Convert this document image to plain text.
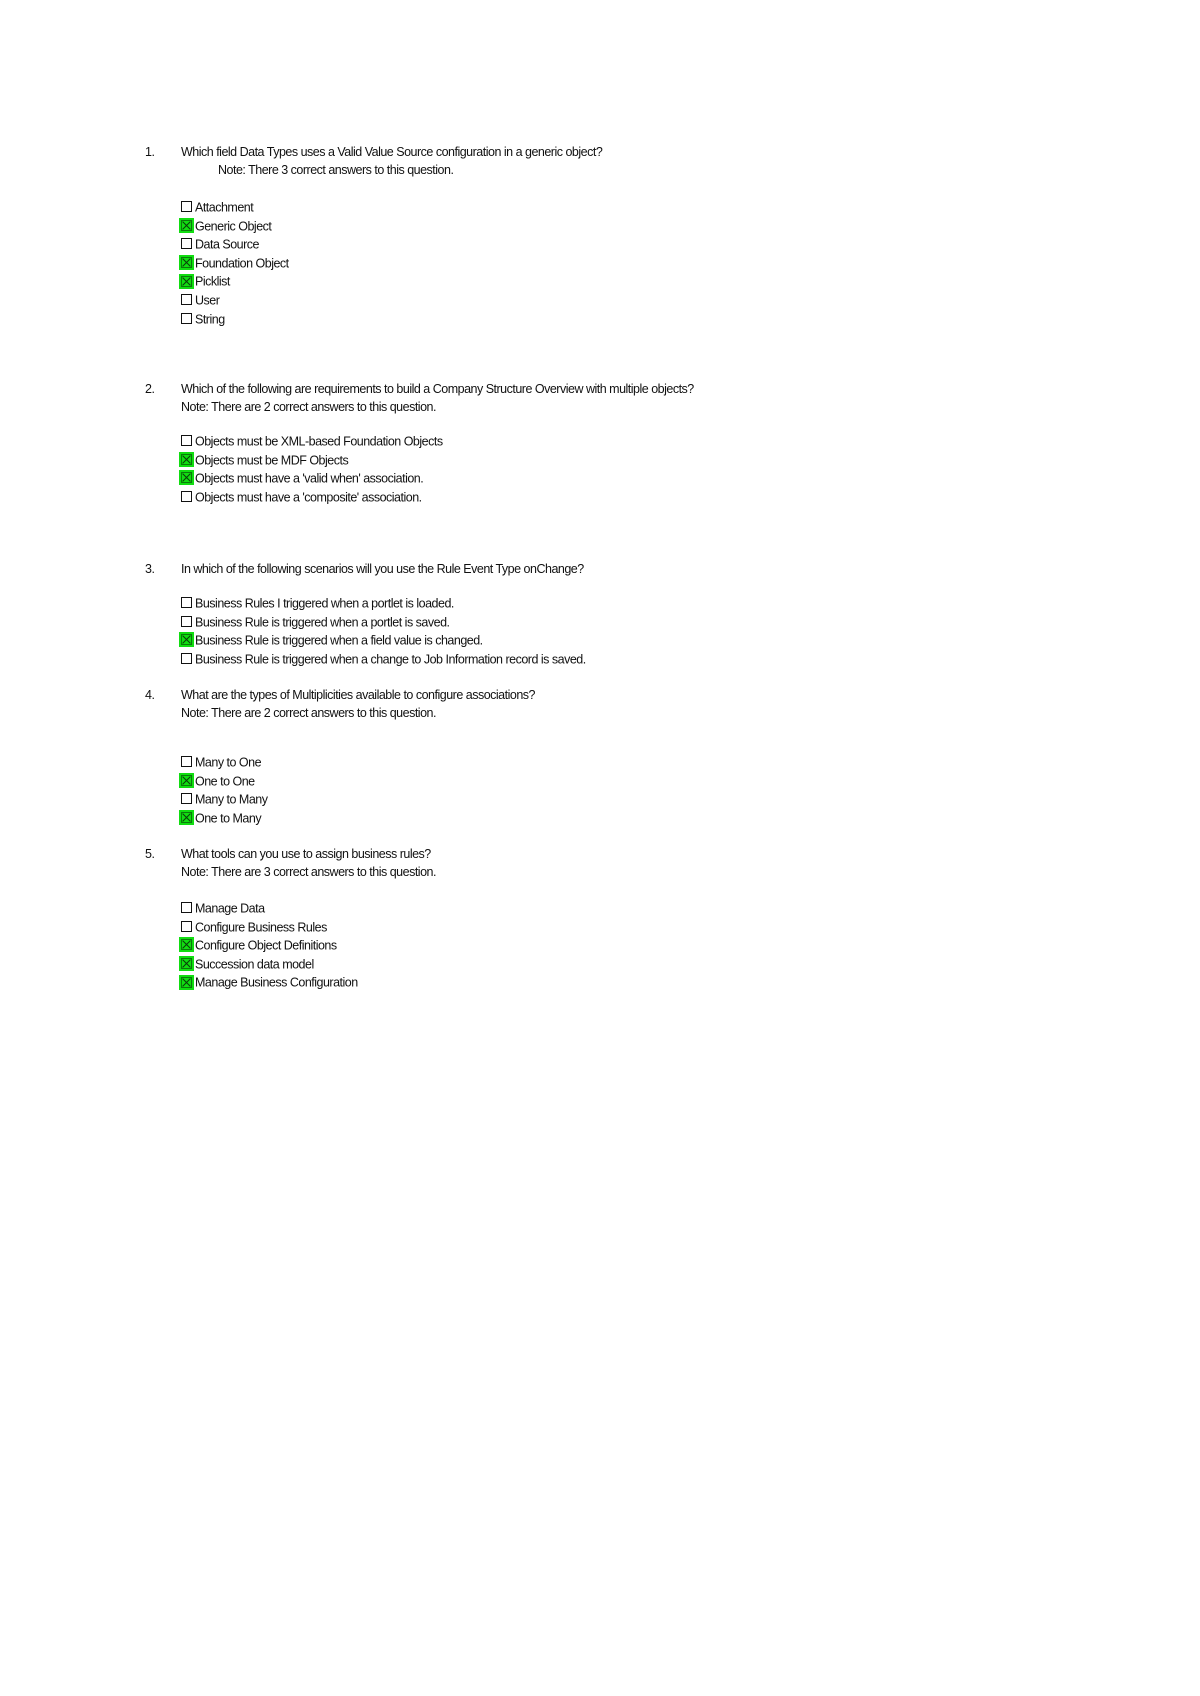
1. Which field Data Types uses a Valid Value Source configuration in a generic object?
Note: There 3 correct answers to this question.
Attachment
Generic Object
Data Source
Foundation Object
Picklist
User
String
2. Which of the following are requirements to build a Company Structure Overview with multiple objects?
Note: There are 2 correct answers to this question.
Objects must be XML-based Foundation Objects
Objects must be MDF Objects
Objects must have a 'valid when' association.
Objects must have a 'composite' association.
3. In which of the following scenarios will you use the Rule Event Type onChange?
Business Rules I triggered when a portlet is loaded.
Business Rule is triggered when a portlet is saved.
Business Rule is triggered when a field value is changed.
Business Rule is triggered when a change to Job Information record is saved.
4. What are the types of Multiplicities available to configure associations?
Note: There are 2 correct answers to this question.
Many to One
One to One
Many to Many
One to Many
5. What tools can you use to assign business rules?
Note: There are 3 correct answers to this question.
Manage Data
Configure Business Rules
Configure Object Definitions
Succession data model
Manage Business Configuration
